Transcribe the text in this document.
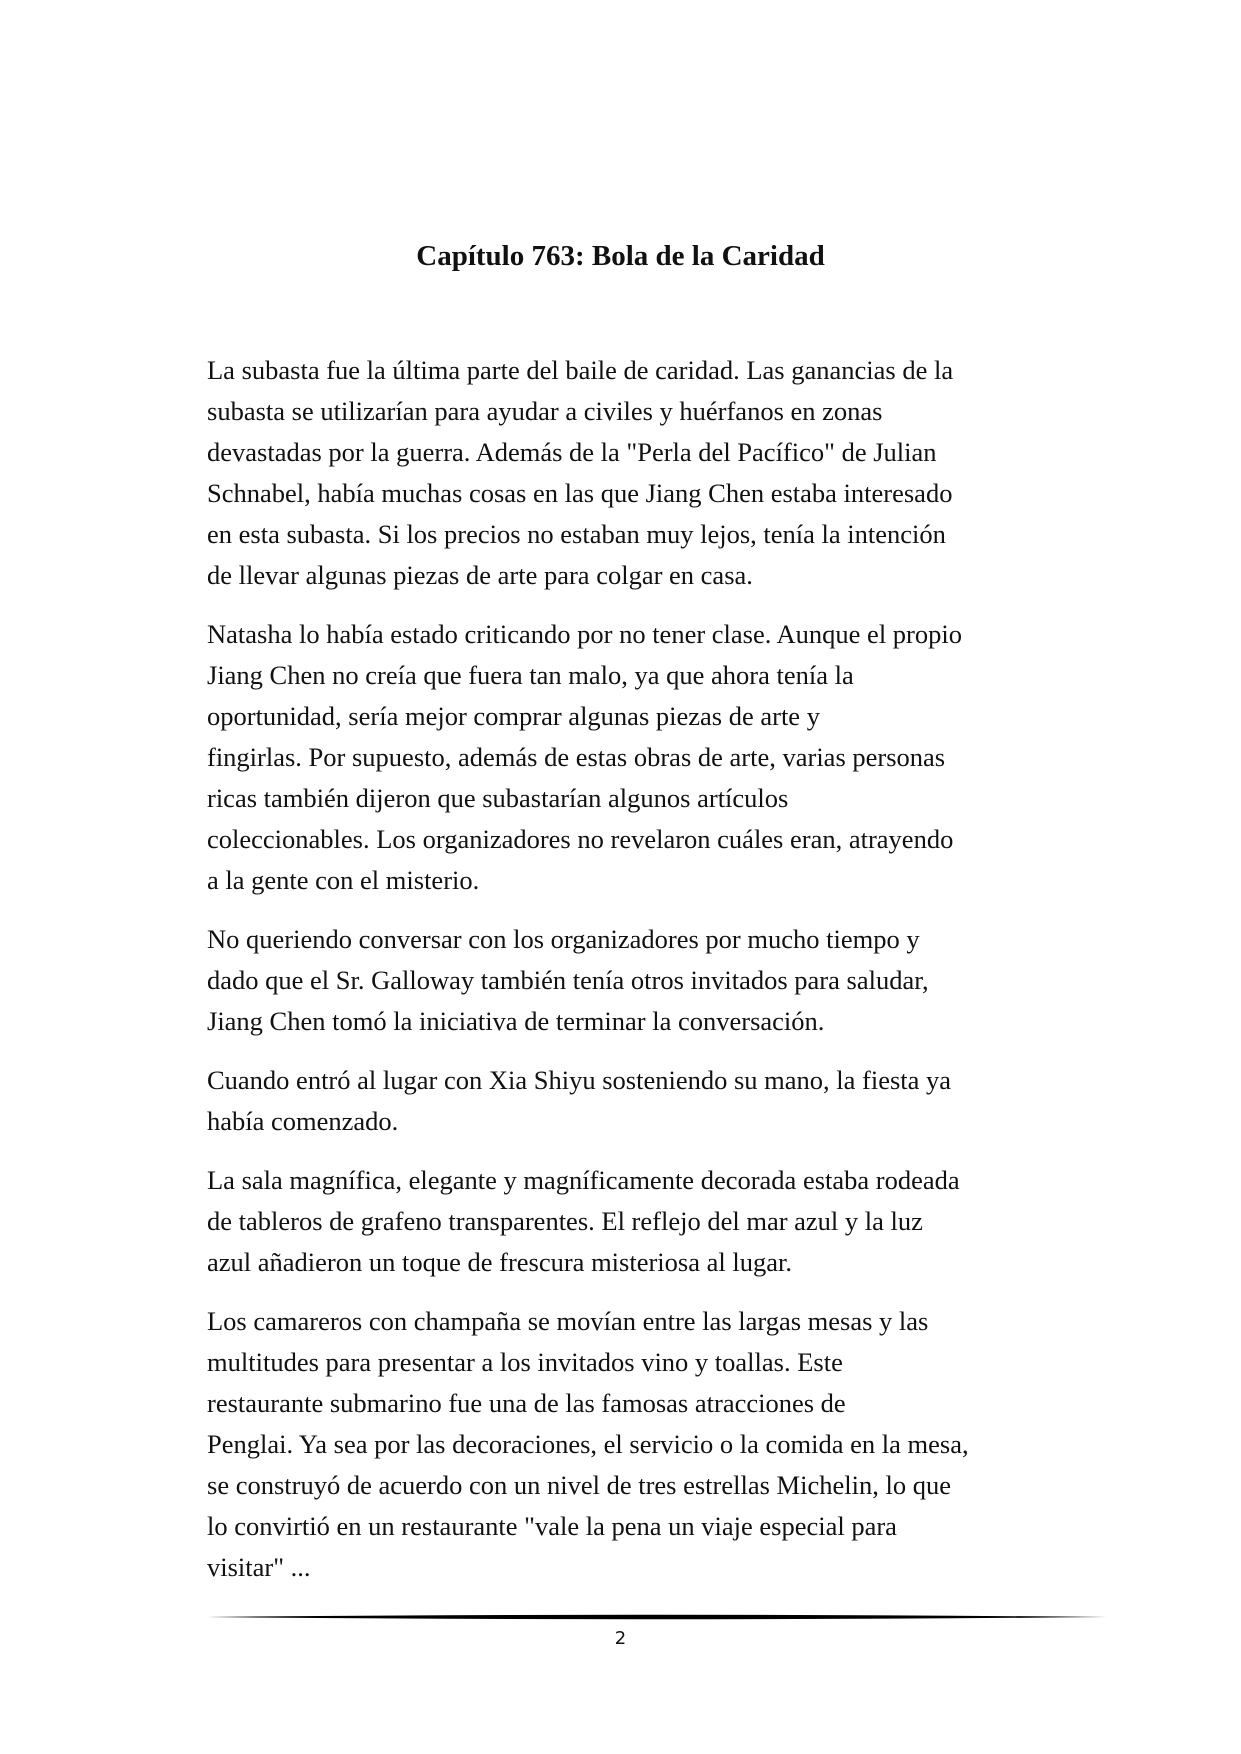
Capítulo 763: Bola de la Caridad

La subasta fue la última parte del baile de caridad. Las ganancias de la
subasta se utilizarían para ayudar a civiles y huérfanos en zonas
devastadas por la guerra. Además de la "Perla del Pacífico" de Julian
Schnabel, había muchas cosas en las que Jiang Chen estaba interesado
en esta subasta. Si los precios no estaban muy lejos, tenía la intención
de llevar algunas piezas de arte para colgar en casa.

Natasha lo había estado criticando por no tener clase. Aunque el propio
Jiang Chen no creía que fuera tan malo, ya que ahora tenía la
oportunidad, sería mejor comprar algunas piezas de arte y
fingirlas. Por supuesto, además de estas obras de arte, varias personas
ricas también dijeron que subastarían algunos artículos
coleccionables. Los organizadores no revelaron cuáles eran, atrayendo
a la gente con el misterio.

No queriendo conversar con los organizadores por mucho tiempo y
dado que el Sr. Galloway también tenía otros invitados para saludar,
Jiang Chen tomó la iniciativa de terminar la conversación.

Cuando entró al lugar con Xia Shiyu sosteniendo su mano, la fiesta ya
había comenzado.

La sala magnífica, elegante y magníficamente decorada estaba rodeada
de tableros de grafeno transparentes. El reflejo del mar azul y la luz
azul añadieron un toque de frescura misteriosa al lugar.

Los camareros con champaña se movían entre las largas mesas y las
multitudes para presentar a los invitados vino y toallas. Este
restaurante submarino fue una de las famosas atracciones de
Penglai. Ya sea por las decoraciones, el servicio o la comida en la mesa,
se construyó de acuerdo con un nivel de tres estrellas Michelin, lo que
lo convirtió en un restaurante "vale la pena un viaje especial para
visitar" ...

2
